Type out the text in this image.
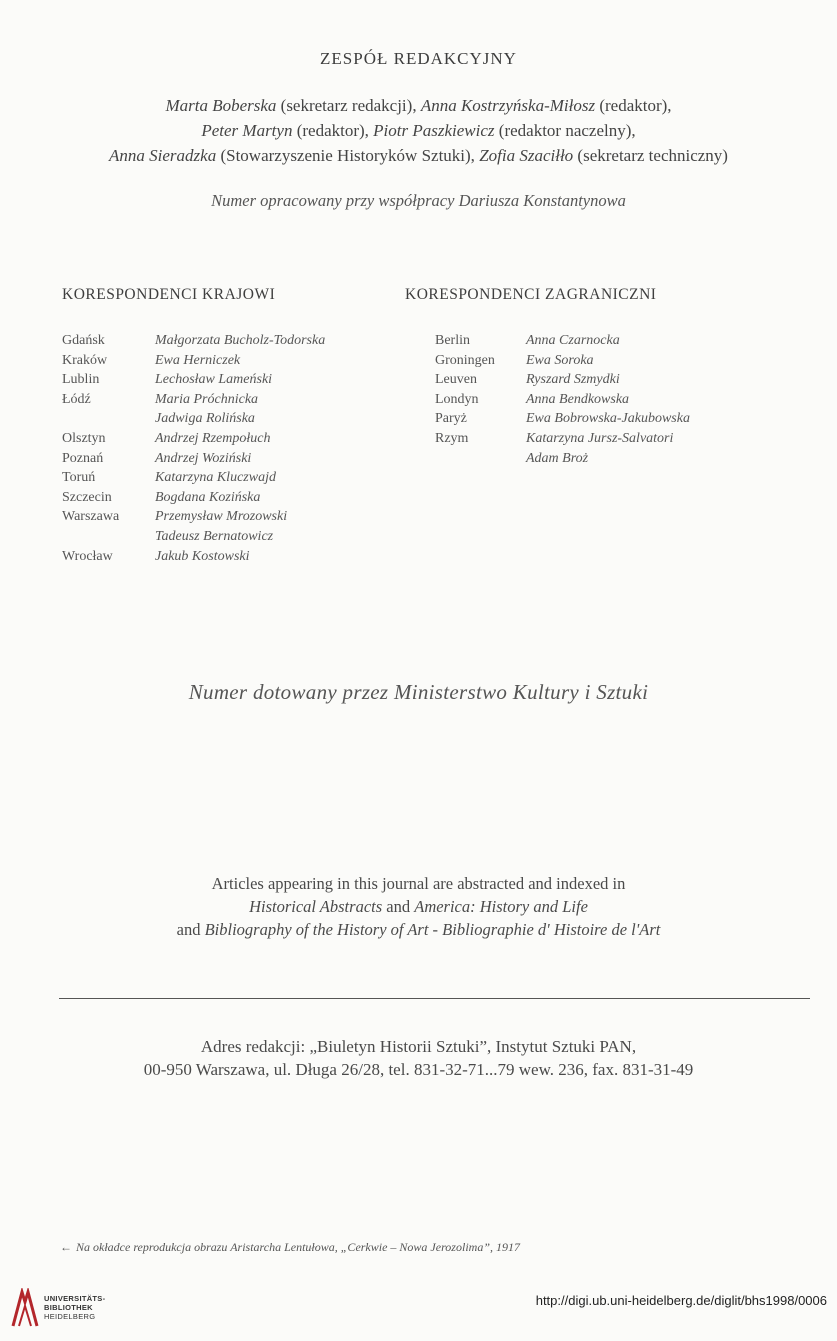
ZESPÓŁ REDAKCYJNY
Marta Boberska (sekretarz redakcji), Anna Kostrzyńska-Miłosz (redaktor),
Peter Martyn (redaktor), Piotr Paszkiewicz (redaktor naczelny),
Anna Sieradzka (Stowarzyszenie Historyków Sztuki), Zofia Szaciłło (sekretarz techniczny)
Numer opracowany przy współpracy Dariusza Konstantynowa
KORESPONDENCI KRAJOWI	KORESPONDENCI ZAGRANICZNI
Gdańsk	Małgorzata Bucholz-Todorska
Kraków	Ewa Herniczek
Lublin	Lechosław Lameński
Łódź	Maria Próchnicka
Jadwiga Rolińska
Olsztyn	Andrzej Rzempołuch
Poznań	Andrzej Woziński
Toruń	Katarzyna Kluczwajd
Szczecin	Bogdana Kozińska
Warszawa	Przemysław Mrozowski
Tadeusz Bernatowicz
Wrocław	Jakub Kostowski
Berlin	Anna Czarnocka
Groningen Ewa Soroka
Leuven	Ryszard Szmydki
Londyn	Anna Bendkowska
Paryż	Ewa Bobrowska-Jakubowska
Rzym	Katarzyna Jursz-Salvatori
Adam Broż
Numer dotowany przez Ministerstwo Kultury i Sztuki
Articles appearing in this journal are abstracted and indexed in
Historical Abstracts and America: History and Life
and Bibliography of the History of Art - Bibliographie d' Histoire de l'Art
Adres redakcji: „Biuletyn Historii Sztuki”, Instytut Sztuki PAN,
00-950 Warszawa, ul. Długa 26/28, tel. 831-32-71...79 wew. 236, fax. 831-31-49
← Na okładce reprodukcja obrazu Aristarcha Lentułowa, „Cerkwie – Nowa Jerozolima”, 1917
UNIVERSITÄTS-
BIBLIOTHEK
HEIDELBERG
http://digi.ub.uni-heidelberg.de/diglit/bhs1998/0006
